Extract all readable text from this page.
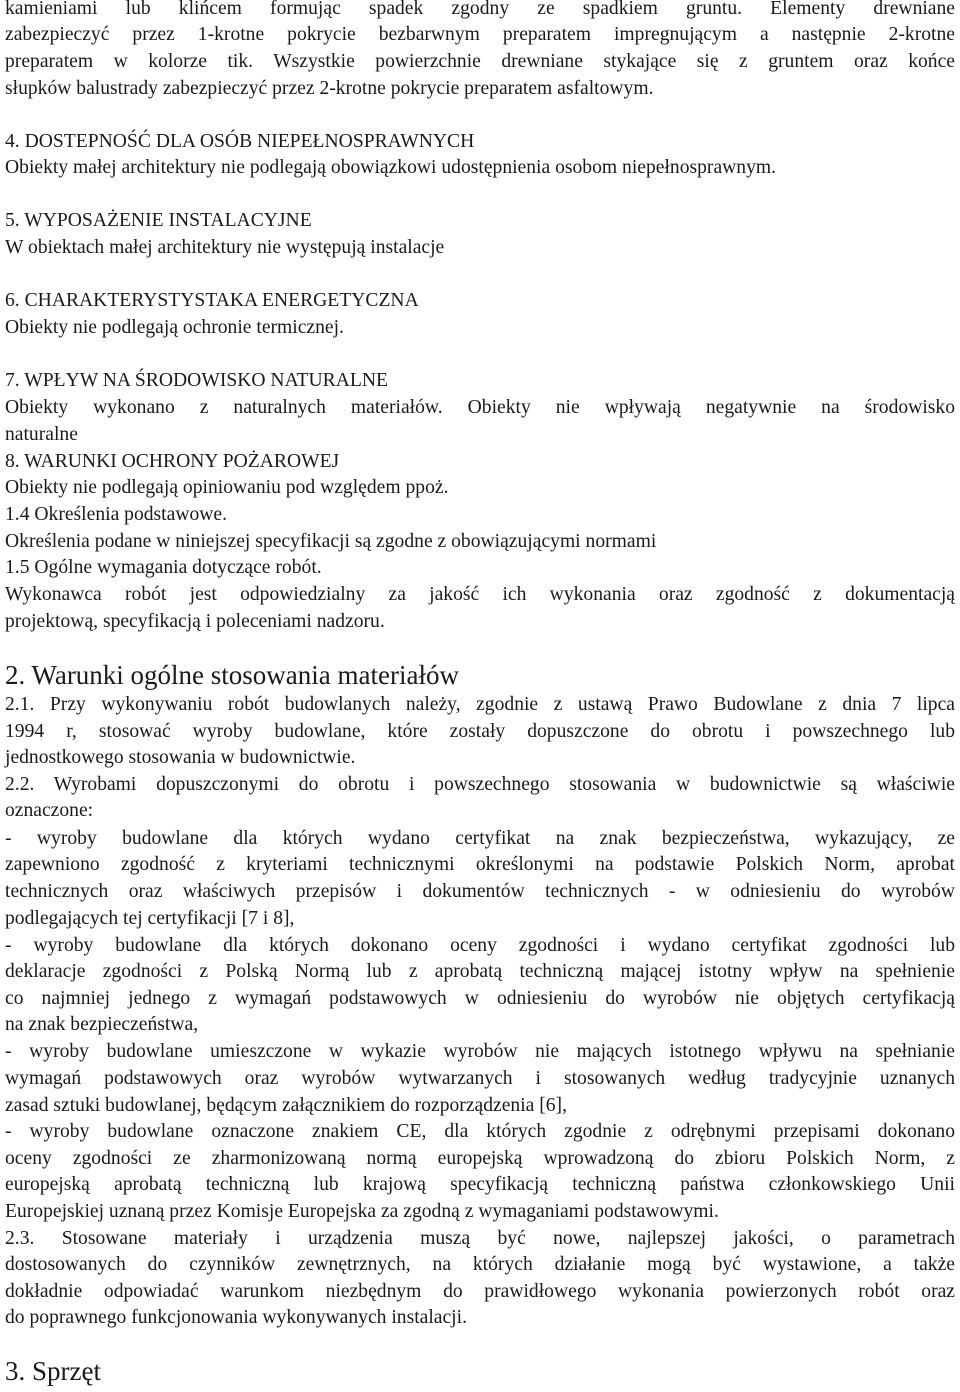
kamieniami lub klińcem formując spadek zgodny ze spadkiem gruntu. Elementy drewniane
zabezpieczyć przez 1-krotne pokrycie bezbarwnym preparatem impregnującym a następnie 2-krotne
preparatem w kolorze tik. Wszystkie powierzchnie drewniane stykające się z gruntem oraz końce
słupków balustrady zabezpieczyć przez 2-krotne pokrycie preparatem asfaltowym.
4. DOSTEPNOŚĆ DLA OSÓB NIEPEŁNOSPRAWNYCH
Obiekty małej architektury nie podlegają obowiązkowi udostępnienia osobom niepełnosprawnym.
5. WYPOSAŻENIE INSTALACYJNE
W obiektach małej architektury nie występują instalacje
6. CHARAKTERYSTYSTAKA ENERGETYCZNA
Obiekty nie podlegają ochronie termicznej.
7. WPŁYW NA ŚRODOWISKO NATURALNE
Obiekty wykonano z naturalnych materiałów. Obiekty nie wpływają negatywnie na środowisko
naturalne
8. WARUNKI OCHRONY POŻAROWEJ
Obiekty nie podlegają opiniowaniu pod względem ppoż.
1.4 Określenia podstawowe.
Określenia podane w niniejszej specyfikacji są zgodne z obowiązującymi normami
1.5 Ogólne wymagania dotyczące robót.
Wykonawca robót jest odpowiedzialny za jakość ich wykonania oraz zgodność z dokumentacją
projektową, specyfikacją i poleceniami nadzoru.
2. Warunki ogólne stosowania materiałów
2.1. Przy wykonywaniu robót budowlanych należy, zgodnie z ustawą Prawo Budowlane z dnia 7 lipca
1994 r, stosować wyroby budowlane, które zostały dopuszczone do obrotu i powszechnego lub
jednostkowego stosowania w budownictwie.
2.2. Wyrobami dopuszczonymi do obrotu i powszechnego stosowania w budownictwie są właściwie
oznaczone:
- wyroby budowlane dla których wydano certyfikat na znak bezpieczeństwa, wykazujący, ze
zapewniono zgodność z kryteriami technicznymi określonymi na podstawie Polskich Norm, aprobat
technicznych oraz właściwych przepisów i dokumentów technicznych - w odniesieniu do wyrobów
podlegających tej certyfikacji [7 i 8],
- wyroby budowlane dla których dokonano oceny zgodności i wydano certyfikat zgodności lub
deklaracje zgodności z Polską Normą lub z aprobatą techniczną mającej istotny wpływ na spełnienie
co najmniej jednego z wymagań podstawowych w odniesieniu do wyrobów nie objętych certyfikacją
na znak bezpieczeństwa,
- wyroby budowlane umieszczone w wykazie wyrobów nie mających istotnego wpływu na spełnianie
wymagań podstawowych oraz wyrobów wytwarzanych i stosowanych według tradycyjnie uznanych
zasad sztuki budowlanej, będącym załącznikiem do rozporządzenia [6],
- wyroby budowlane oznaczone znakiem CE, dla których zgodnie z odrębnymi przepisami dokonano
oceny zgodności ze zharmonizowaną normą europejską wprowadzoną do zbioru Polskich Norm, z
europejską aprobatą techniczną lub krajową specyfikacją techniczną państwa członkowskiego Unii
Europejskiej uznaną przez Komisje Europejska za zgodną z wymaganiami podstawowymi.
2.3. Stosowane materiały i urządzenia muszą być nowe, najlepszej jakości, o parametrach
dostosowanych do czynników zewnętrznych, na których działanie mogą być wystawione, a także
dokładnie odpowiadać warunkom niezbędnym do prawidłowego wykonania powierzonych robót oraz
do poprawnego funkcjonowania wykonywanych instalacji.
3. Sprzęt
